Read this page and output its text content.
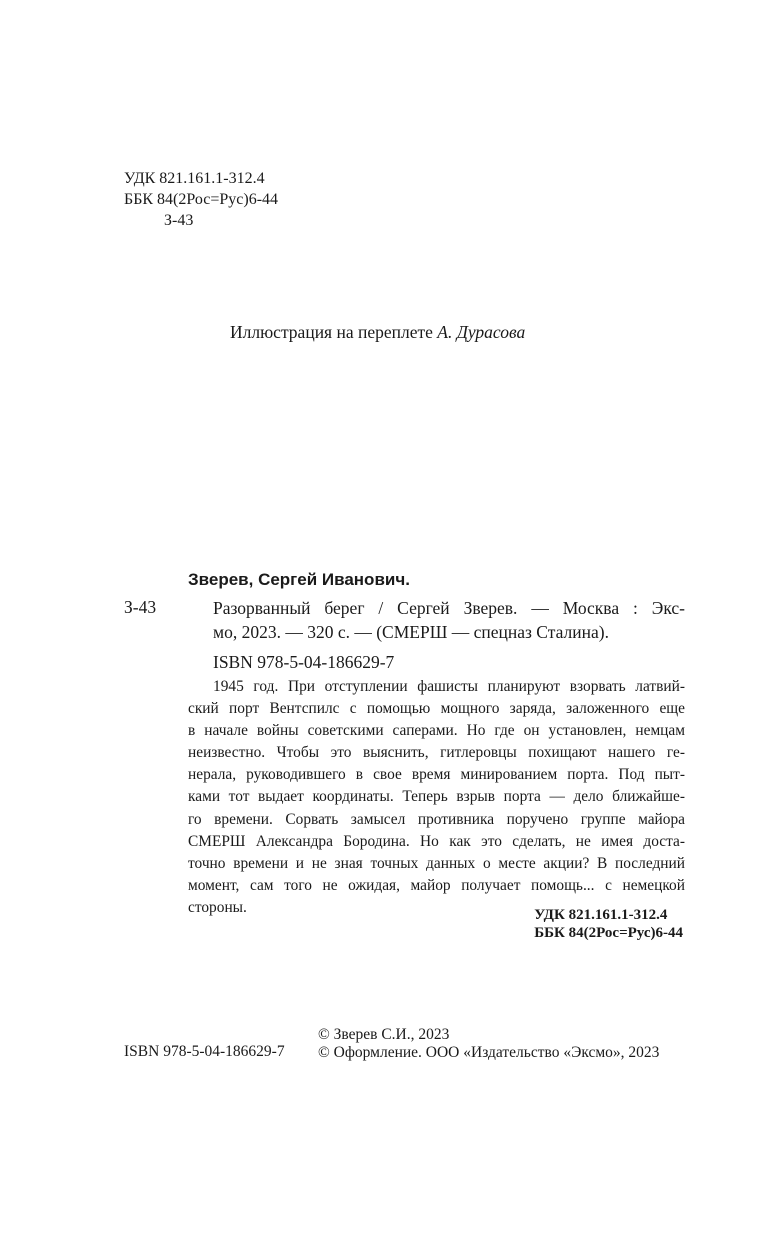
УДК 821.161.1-312.4
ББК 84(2Рос=Рус)6-44
З-43
Иллюстрация на переплете А. Дурасова
Зверев, Сергей Иванович.
З-43	Разорванный берег / Сергей Зверев. — Москва : Экс-
мо, 2023. — 320 с. — (СМЕРШ — спецназ Сталина).
ISBN 978-5-04-186629-7
1945 год. При отступлении фашисты планируют взорвать латвий-
ский порт Вентспилс с помощью мощного заряда, заложенного еще
в начале войны советскими саперами. Но где он установлен, немцам
неизвестно. Чтобы это выяснить, гитлеровцы похищают нашего ге-
нерала, руководившего в свое время минированием порта. Под пыт-
ками тот выдает координаты. Теперь взрыв порта — дело ближайше-
го времени. Сорвать замысел противника поручено группе майора
СМЕРШ Александра Бородина. Но как это сделать, не имея доста-
точно времени и не зная точных данных о месте акции? В последний
момент, сам того не ожидая, майор получает помощь... с немецкой
стороны.	УДК 821.161.1-312.4
ББК 84(2Рос=Рус)6-44
ISBN 978-5-04-186629-7
© Зверев С.И., 2023
© Оформление. ООО «Издательство «Эксмо», 2023
